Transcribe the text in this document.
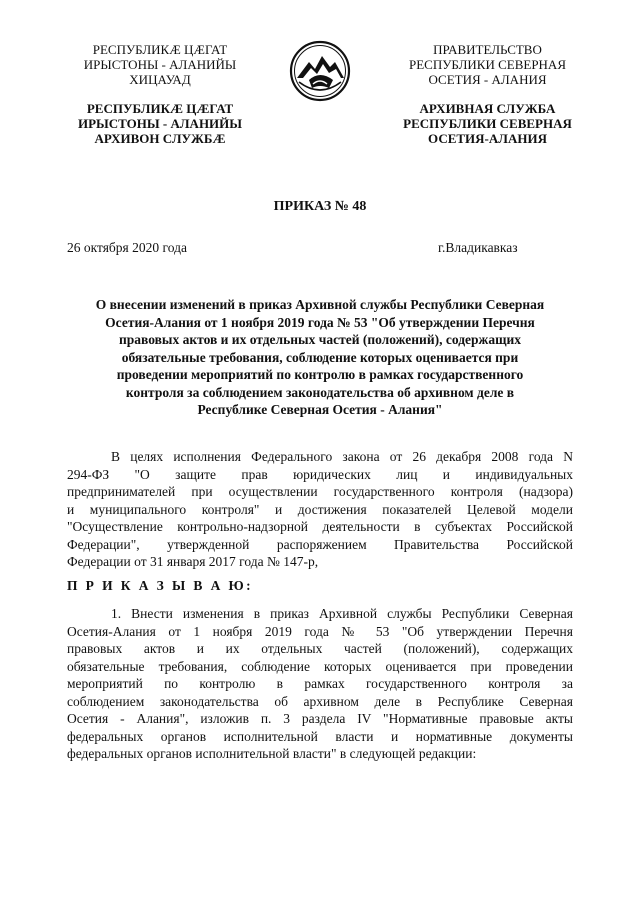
РЕСПУБЛИКӔ ЦӔГАТ
ИРЫСТОНЫ - АЛАНИЙЫ
ХИЦАУАД
РЕСПУБЛИКӔ ЦӔГАТ
ИРЫСТОНЫ - АЛАНИЙЫ
АРХИВОН СЛУЖБӔ
ПРАВИТЕЛЬСТВО
РЕСПУБЛИКИ СЕВЕРНАЯ
ОСЕТИЯ - АЛАНИЯ
АРХИВНАЯ СЛУЖБА
РЕСПУБЛИКИ СЕВЕРНАЯ
ОСЕТИЯ-АЛАНИЯ
ПРИКАЗ № 48
26 октября 2020 года	г.Владикавказ
О внесении изменений в приказ Архивной службы Республики Северная
Осетия-Алания от 1 ноября 2019 года № 53 "Об утверждении Перечня
правовых актов и их отдельных частей (положений), содержащих
обязательные требования, соблюдение которых оценивается при
проведении мероприятий по контролю в рамках государственного
контроля за соблюдением законодательства об архивном деле в
Республике Северная Осетия - Алания"
В целях исполнения Федерального закона от 26 декабря 2008 года N
294-ФЗ "О защите прав юридических лиц и индивидуальных
предпринимателей при осуществлении государственного контроля (надзора)
и муниципального контроля" и достижения показателей Целевой модели
"Осуществление контрольно-надзорной деятельности в субъектах Российской
Федерации", утвержденной распоряжением Правительства Российской
Федерации от 31 января 2017 года № 147-р,
П Р И К А З Ы В А Ю:
1. Внести изменения в приказ Архивной службы Республики Северная
Осетия-Алания от 1 ноября 2019 года № 53 "Об утверждении Перечня
правовых актов и их отдельных частей (положений), содержащих
обязательные требования, соблюдение которых оценивается при проведении
мероприятий по контролю в рамках государственного контроля за
соблюдением законодательства об архивном деле в Республике Северная
Осетия - Алания", изложив п. 3 раздела IV "Нормативные правовые акты
федеральных органов исполнительной власти и нормативные документы
федеральных органов исполнительной власти" в следующей редакции:
